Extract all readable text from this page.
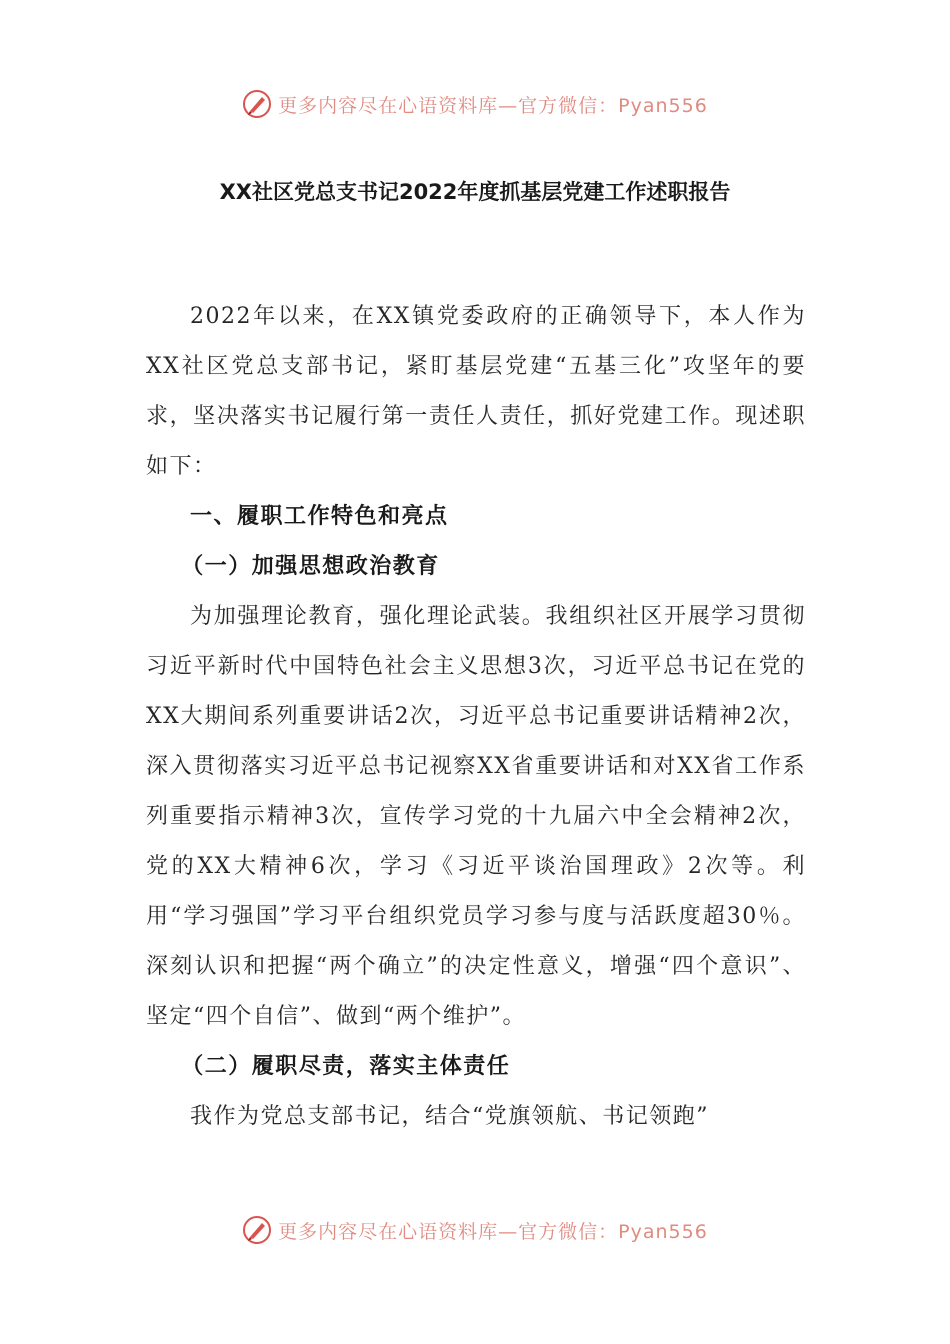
更多内容尽在心语资料库—官方微信：Pyan556
XX社区党总支书记2022年度抓基层党建工作述职报告

2022年以来，在XX镇党委政府的正确领导下，本人作为XX社区党总支部书记，紧盯基层党建“五基三化”攻坚年的要求，坚决落实书记履行第一责任人责任，抓好党建工作。现述职如下：

一、履职工作特色和亮点

（一）加强思想政治教育

为加强理论教育，强化理论武装。我组织社区开展学习贯彻习近平新时代中国特色社会主义思想3次，习近平总书记在党的XX大期间系列重要讲话2次，习近平总书记重要讲话精神2次，深入贯彻落实习近平总书记视察XX省重要讲话和对XX省工作系列重要指示精神3次，宣传学习党的十九届六中全会精神2次，党的XX大精神6次，学习《习近平谈治国理政》2次等。利用“学习强国”学习平台组织党员学习参与度与活跃度超30％。深刻认识和把握“两个确立”的决定性意义，增强“四个意识”、坚定“四个自信”、做到“两个维护”。

（二）履职尽责，落实主体责任

我作为党总支部书记，结合“党旗领航、书记领跑”

更多内容尽在心语资料库—官方微信：Pyan556
